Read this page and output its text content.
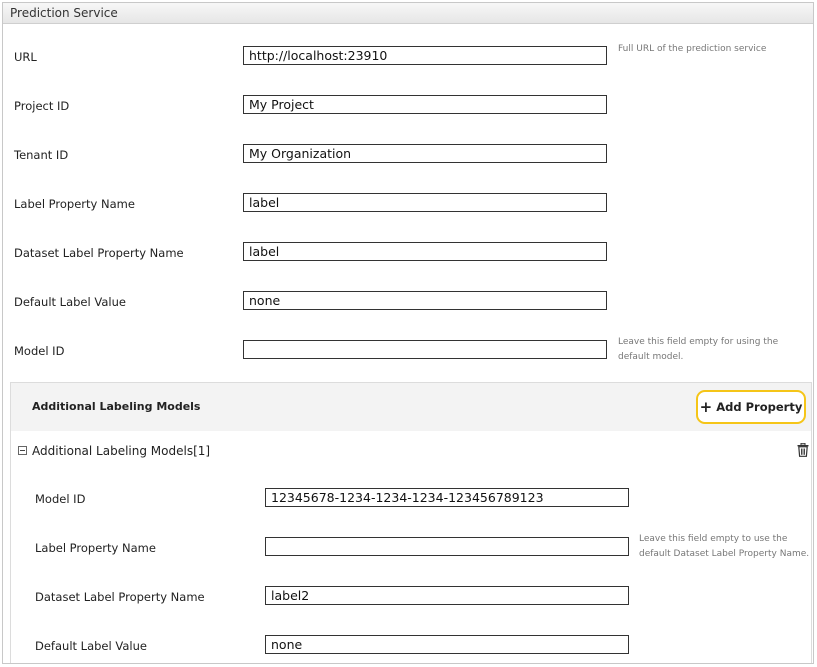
Prediction Service
URL
http://localhost:23910
Full URL of the prediction service
Project ID
My Project
Tenant ID
My Organization
Label Property Name
label
Dataset Label Property Name
label
Default Label Value
none
Model ID
Leave this field empty for using the default model.
Additional Labeling Models	+ Add Property
Additional Labeling Models[1]
Model ID
12345678-1234-1234-1234-123456789123
Label Property Name
Leave this field empty to use the default Dataset Label Property Name.
Dataset Label Property Name
label2
Default Label Value
none
